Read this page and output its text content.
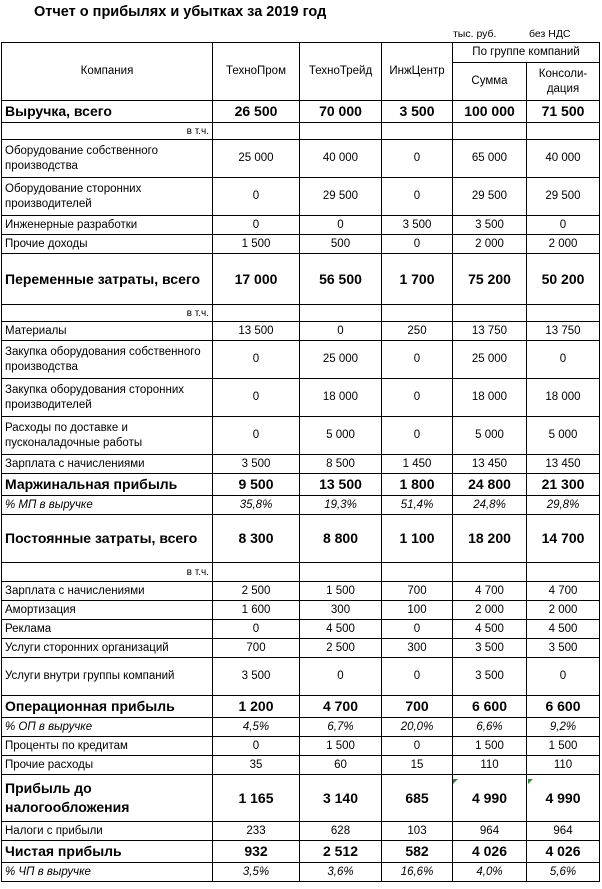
Отчет о прибылях и убытках за 2019 год
тыс. руб.	без НДС
Компания	ТехноПром	ТехноТрейд	ИнжЦентр	По группе компаний	
				Сумма	Консоли-дация
Выручка, всего	26 500	70 000	3 500	100 000	71 500
в т.ч.					
Оборудование собственного производства	25 000	40 000	0	65 000	40 000
Оборудование сторонних производителей	0	29 500	0	29 500	29 500
Инженерные разработки	0	0	3 500	3 500	0
Прочие доходы	1 500	500	0	2 000	2 000
Переменные затраты, всего	17 000	56 500	1 700	75 200	50 200
в т.ч.					
Материалы	13 500	0	250	13 750	13 750
Закупка оборудования собственного производства	0	25 000	0	25 000	0
Закупка оборудования сторонних производителей	0	18 000	0	18 000	18 000
Расходы по доставке и пусконаладочные работы	0	5 000	0	5 000	5 000
Зарплата с начислениями	3 500	8 500	1 450	13 450	13 450
Маржинальная прибыль	9 500	13 500	1 800	24 800	21 300
% МП в выручке	35,8%	19,3%	51,4%	24,8%	29,8%
Постоянные затраты, всего	8 300	8 800	1 100	18 200	14 700
в т.ч.					
Зарплата с начислениями	2 500	1 500	700	4 700	4 700
Амортизация	1 600	300	100	2 000	2 000
Реклама	0	4 500	0	4 500	4 500
Услуги сторонних организаций	700	2 500	300	3 500	3 500
Услуги внутри группы компаний	3 500	0	0	3 500	0
Операционная прибыль	1 200	4 700	700	6 600	6 600
% ОП в выручке	4,5%	6,7%	20,0%	6,6%	9,2%
Проценты по кредитам	0	1 500	0	1 500	1 500
Прочие расходы	35	60	15	110	110
Прибыль до налогообложения	1 165	3 140	685	4 990	4 990
Налоги с прибыли	233	628	103	964	964
Чистая прибыль	932	2 512	582	4 026	4 026
% ЧП в выручке	3,5%	3,6%	16,6%	4,0%	5,6%
